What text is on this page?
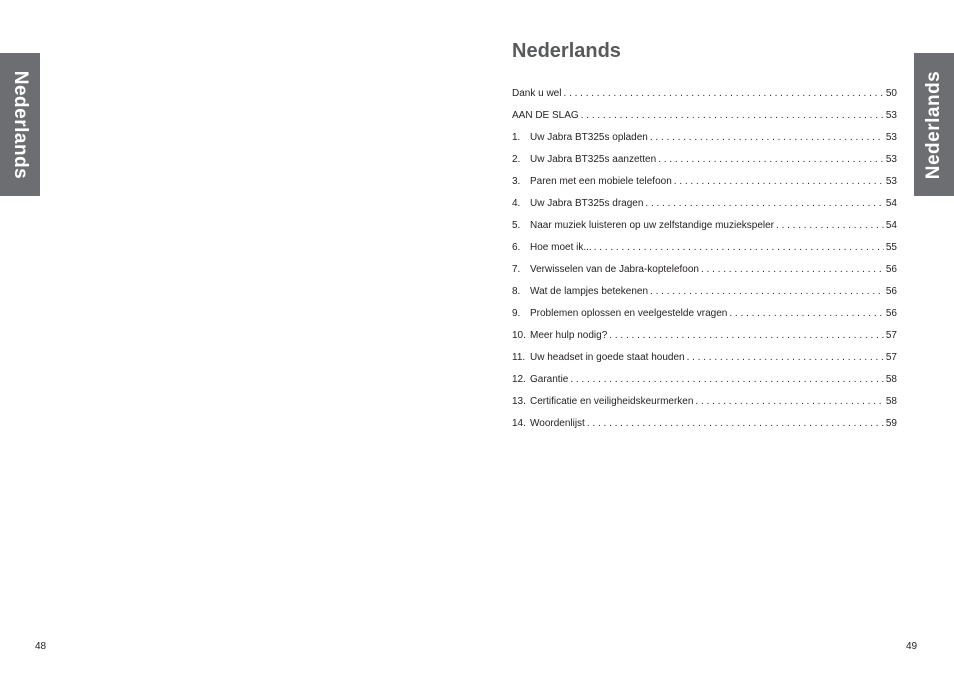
Nederlands	Nederlands
Nederlands
Dank u wel . . .	50
AAN DE SLAG . . .	53
1. Uw Jabra BT325s opladen . . .	53
2. Uw Jabra BT325s aanzetten . . .	53
3. Paren met een mobiele telefoon . . .	53
4. Uw Jabra BT325s dragen . . .	54
5. Naar muziek luisteren op uw zelfstandige muziekspeler . . .	54
6. Hoe moet ik... . . .	55
7. Verwisselen van de Jabra-koptelefoon . . .	56
8. Wat de lampjes betekenen . . .	56
9. Problemen oplossen en veelgestelde vragen . . .	56
10. Meer hulp nodig? . . .	57
11. Uw headset in goede staat houden . . .	57
12. Garantie . . .	58
13. Certificatie en veiligheidskeurmerken . . .	58
14. Woordenlijst . . .	59
48	49
